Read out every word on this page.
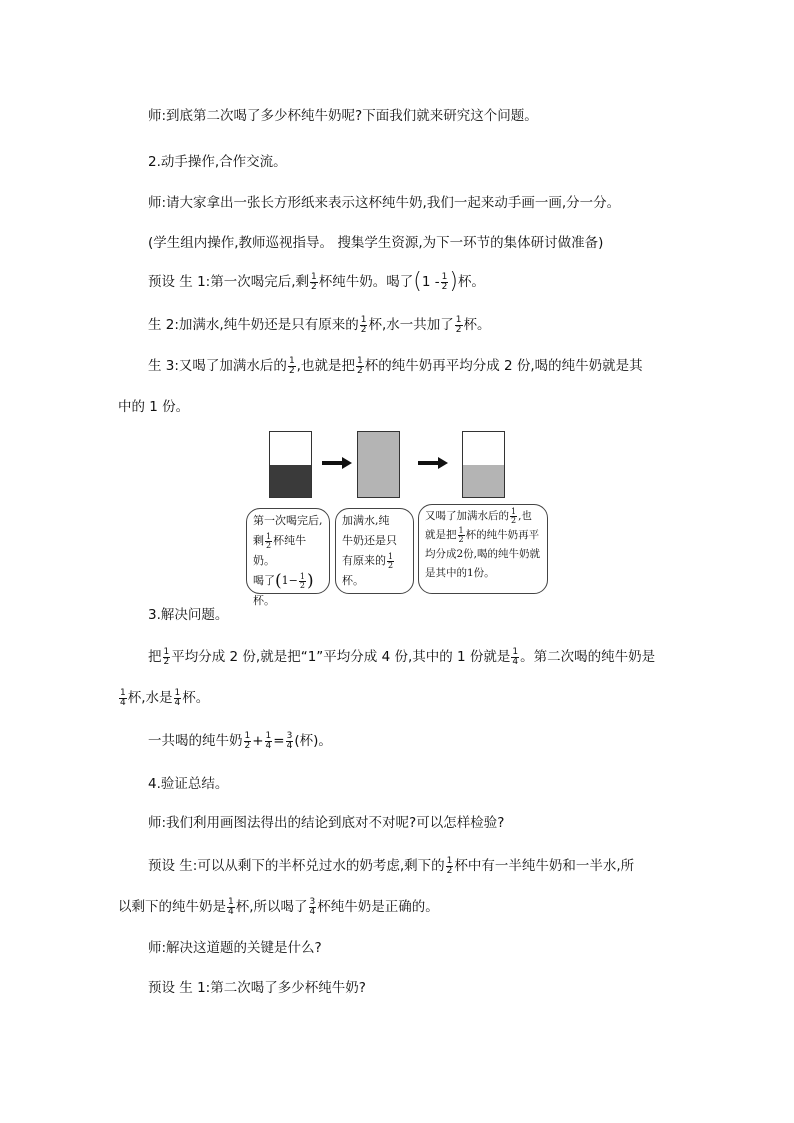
师:到底第二次喝了多少杯纯牛奶呢?下面我们就来研究这个问题。
2.动手操作,合作交流。
师:请大家拿出一张长方形纸来表示这杯纯牛奶,我们一起来动手画一画,分一分。
(学生组内操作,教师巡视指导。 搜集学生资源,为下一环节的集体研讨做准备)
预设 生 1:第一次喝完后,剩 $\frac{1}{2}$ 杯纯牛奶。喝了($1 - \frac{1}{2}$ )杯。
生 2:加满水,纯牛奶还是只有原来的 $\frac{1}{2}$ 杯,水一共加了 $\frac{1}{2}$ 杯。
生 3:又喝了加满水后的 $\frac{1}{2}$ ,也就是把 $\frac{1}{2}$ 杯的纯牛奶再平均分成 2 份,喝的纯牛奶就是其
中的 1 份。
第一次喝完后,
剩 $\frac{1}{2}$ 杯纯牛奶。
喝了($1- \frac{1}{2}$ )杯。
加满水,纯
牛奶还是只
有原来的 $\frac{1}{2}$
杯。
又喝了加满水后的 $\frac{1}{2}$ ,也
就是把 $\frac{1}{2}$ 杯的纯牛奶再平
均分成2份,喝的纯牛奶就
是其中的1份。
3.解决问题。
把 $\frac{1}{2}$ 平均分成 2 份,就是把“1”平均分成 4 份,其中的 1 份就是 $\frac{1}{4}$ 。第二次喝的纯牛奶是
$\frac{1}{4}$ 杯,水是 $\frac{1}{4}$ 杯。
一共喝的纯牛奶 $\frac{1}{2} + \frac{1}{4} = \frac{3}{4}$ (杯)。
4.验证总结。
师:我们利用画图法得出的结论到底对不对呢?可以怎样检验?
预设 生:可以从剩下的半杯兑过水的奶考虑,剩下的 $\frac{1}{2}$ 杯中有一半纯牛奶和一半水,所
以剩下的纯牛奶是 $\frac{1}{4}$ 杯,所以喝了 $\frac{3}{4}$ 杯纯牛奶是正确的。
师:解决这道题的关键是什么?
预设 生 1:第二次喝了多少杯纯牛奶?
